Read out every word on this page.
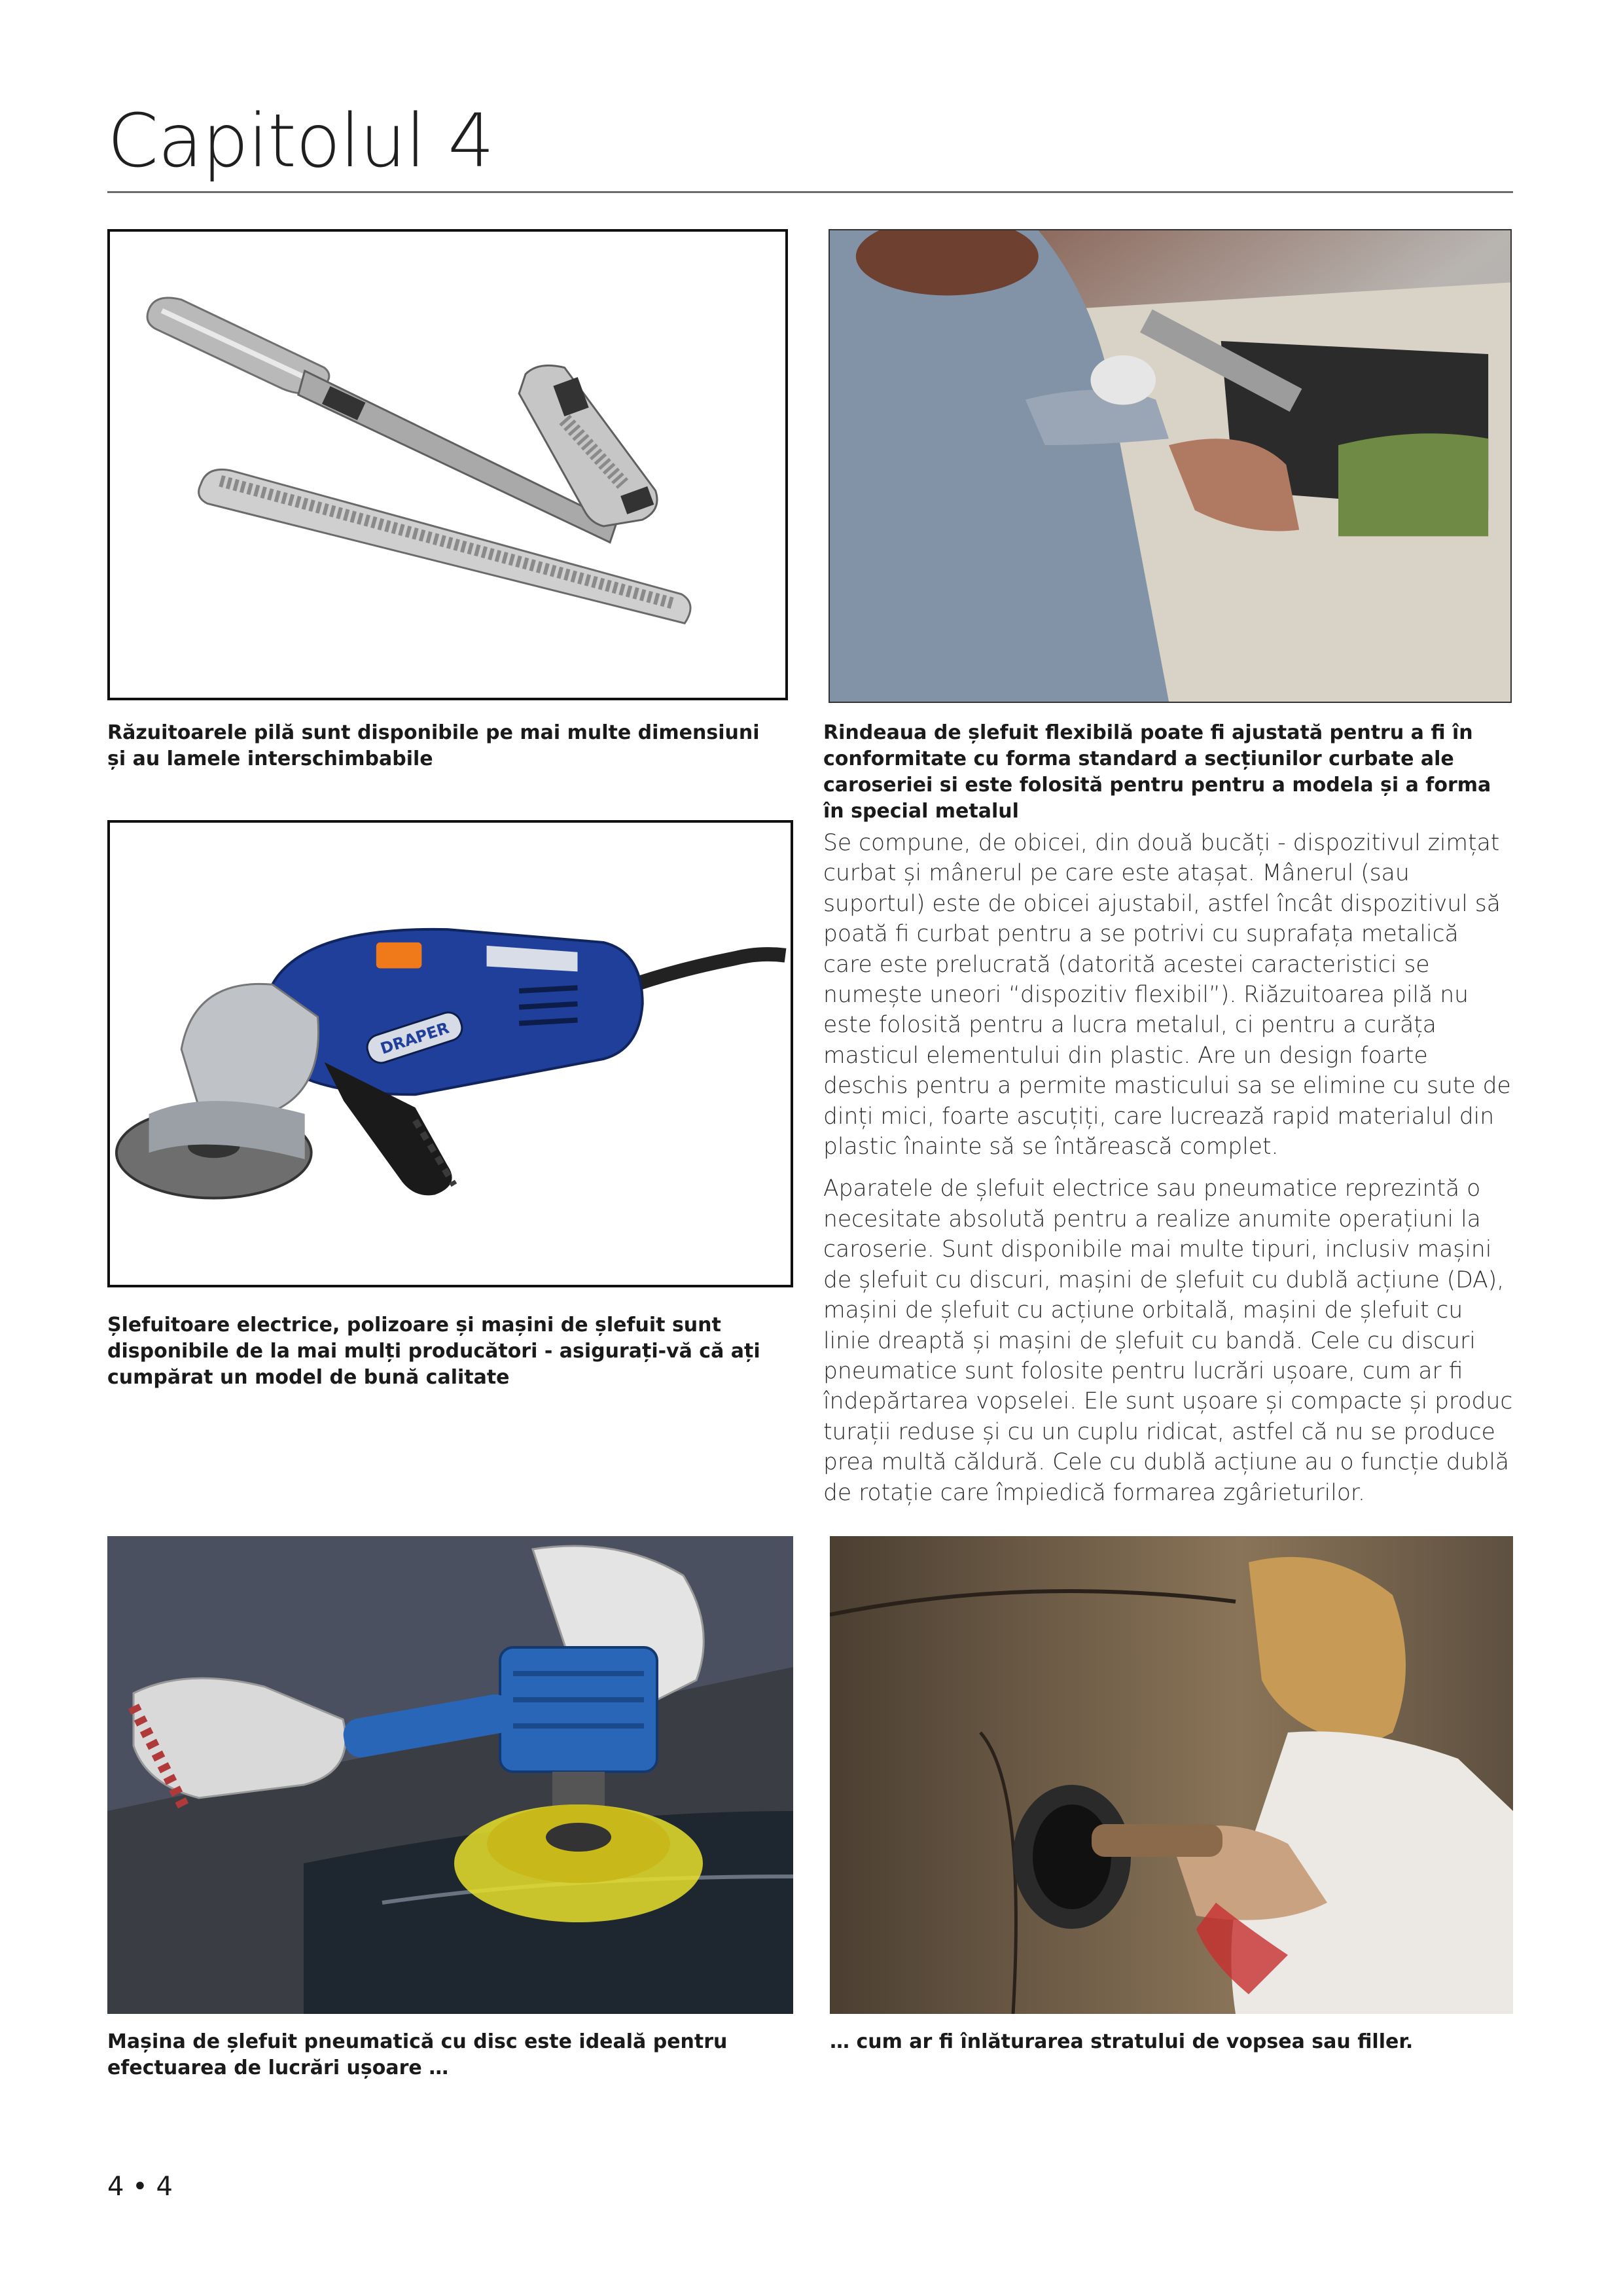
Capitolul 4

Răzuitoarele pilă sunt disponibile pe mai multe dimensiuni și au lamele interschimbabile

Rindeaua de șlefuit flexibilă poate fi ajustată pentru a fi în conformitate cu forma standard a secțiunilor curbate ale caroseriei si este folosită pentru pentru a modela și a forma în special metalul

DRAPER

Șlefuitoare electrice, polizoare și mașini de șlefuit sunt disponibile de la mai mulți producători - asigurați-vă că ați cumpărat un model de bună calitate

Se compune, de obicei, din două bucăți - dispozitivul zimțat curbat și mânerul pe care este atașat. Mânerul (sau suportul) este de obicei ajustabil, astfel încât dispozitivul să poată fi curbat pentru a se potrivi cu suprafața metalică care este prelucrată (datorită acestei caracteristici se numește uneori “dispozitiv flexibil”). Riăzuitoarea pilă nu este folosită pentru a lucra metalul, ci pentru a curăța masticul elementului din plastic. Are un design foarte deschis pentru a permite masticului sa se elimine cu sute de dinți mici, foarte ascuțiți, care lucrează rapid materialul din plastic înainte să se întărească complet.

Aparatele de șlefuit electrice sau pneumatice reprezintă o necesitate absolută pentru a realize anumite operațiuni la caroserie. Sunt disponibile mai multe tipuri, inclusiv mașini de șlefuit cu discuri, mașini de șlefuit cu dublă acțiune (DA), mașini de șlefuit cu acțiune orbitală, mașini de șlefuit cu linie dreaptă și mașini de șlefuit cu bandă. Cele cu discuri pneumatice sunt folosite pentru lucrări ușoare, cum ar fi îndepărtarea vopselei. Ele sunt ușoare și compacte și produc turații reduse și cu un cuplu ridicat, astfel că nu se produce prea multă căldură. Cele cu dublă acțiune au o funcție dublă de rotație care împiedică formarea zgârieturilor.

Mașina de șlefuit pneumatică cu disc este ideală pentru efectuarea de lucrări ușoare …

… cum ar fi înlăturarea stratului de vopsea sau filler.

4 • 4
